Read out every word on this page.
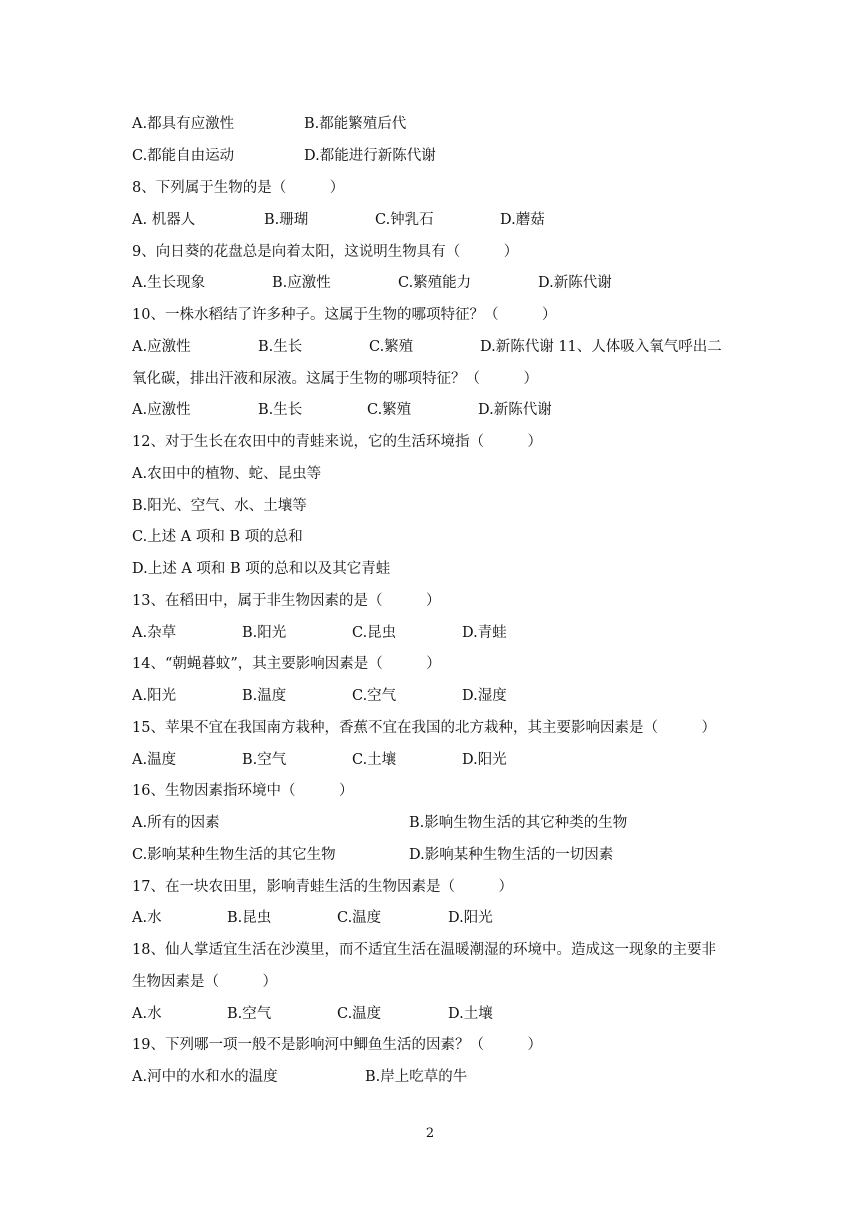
A.都具有应激性	B.都能繁殖后代
C.都能自由运动	D.都能进行新陈代谢
8、下列属于生物的是（　　　）
A. 机器人	B.珊瑚	C.钟乳石	D.蘑菇
9、向日葵的花盘总是向着太阳，这说明生物具有（　　　）
A.生长现象	B.应激性	C.繁殖能力	D.新陈代谢
10、一株水稻结了许多种子。这属于生物的哪项特征？（　　　）
A.应激性	B.生长	C.繁殖	D.新陈代谢 11、人体吸入氧气呼出二
氧化碳，排出汗液和尿液。这属于生物的哪项特征？（　　　）
A.应激性	B.生长	C.繁殖	D.新陈代谢
12、对于生长在农田中的青蛙来说，它的生活环境指（　　　）
A.农田中的植物、蛇、昆虫等
B.阳光、空气、水、土壤等
C.上述 A 项和 B 项的总和
D.上述 A 项和 B 项的总和以及其它青蛙
13、在稻田中，属于非生物因素的是（　　　）
A.杂草	B.阳光	C.昆虫	D.青蛙
14、“朝蝇暮蚊”，其主要影响因素是（　　　）
A.阳光	B.温度	C.空气	D.湿度
15、苹果不宜在我国南方栽种，香蕉不宜在我国的北方栽种，其主要影响因素是（　　　）
A.温度	B.空气	C.土壤	D.阳光
16、生物因素指环境中（　　　）
A.所有的因素	B.影响生物生活的其它种类的生物
C.影响某种生物生活的其它生物	D.影响某种生物生活的一切因素
17、在一块农田里，影响青蛙生活的生物因素是（　　　）
A.水	B.昆虫	C.温度	D.阳光
18、仙人掌适宜生活在沙漠里，而不适宜生活在温暖潮湿的环境中。造成这一现象的主要非
生物因素是（　　　）
A.水	B.空气	C.温度	D.土壤
19、下列哪一项一般不是影响河中鲫鱼生活的因素？（　　　）
A.河中的水和水的温度	B.岸上吃草的牛
2
